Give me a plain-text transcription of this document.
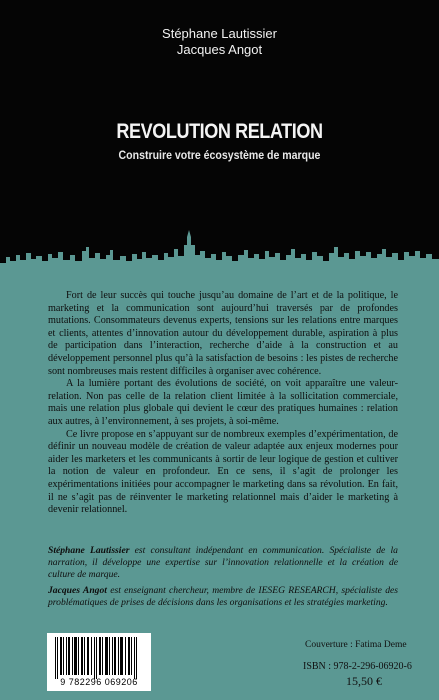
Stéphane Lautissier
Jacques Angot
REVOLUTION RELATION
Construire votre écosystème de marque

Fort de leur succès qui touche jusqu’au domaine de l’art et de la politique, le marketing et la communication sont aujourd’hui traversés par de profondes mutations. Consommateurs devenus experts, tensions sur les relations entre marques et clients, attentes d’innovation autour du développement durable, aspiration à plus de participation dans l’interaction, recherche d’aide à la construction et au développement personnel plus qu’à la satisfaction de besoins : les pistes de recherche sont nombreuses mais restent difficiles à organiser avec cohérence.

A la lumière portant des évolutions de société, on voit apparaître une valeur-relation. Non pas celle de la relation client limitée à la sollicitation commerciale, mais une relation plus globale qui devient le cœur des pratiques humaines : relation aux autres, à l’environnement, à ses projets, à soi-même.

Ce livre propose en s’appuyant sur de nombreux exemples d’expérimentation, de définir un nouveau modèle de création de valeur adaptée aux enjeux modernes pour aider les marketers et les communicants à sortir de leur logique de gestion et cultiver la notion de valeur en profondeur. En ce sens, il s’agit de prolonger les expérimentations initiées pour accompagner le marketing dans sa révolution. En fait, il ne s’agit pas de réinventer le marketing relationnel mais d’aider le marketing à devenir relationnel.

Stéphane Lautissier est consultant indépendant en communication. Spécialiste de la narration, il développe une expertise sur l’innovation relationnelle et la création de culture de marque.

Jacques Angot est enseignant chercheur, membre de IESEG RESEARCH, spécialiste des problématiques de prises de décisions dans les organisations et les stratégies marketing.

Couverture : Fatima Deme
9 782296 069206
ISBN : 978-2-296-06920-6
15,50 €
